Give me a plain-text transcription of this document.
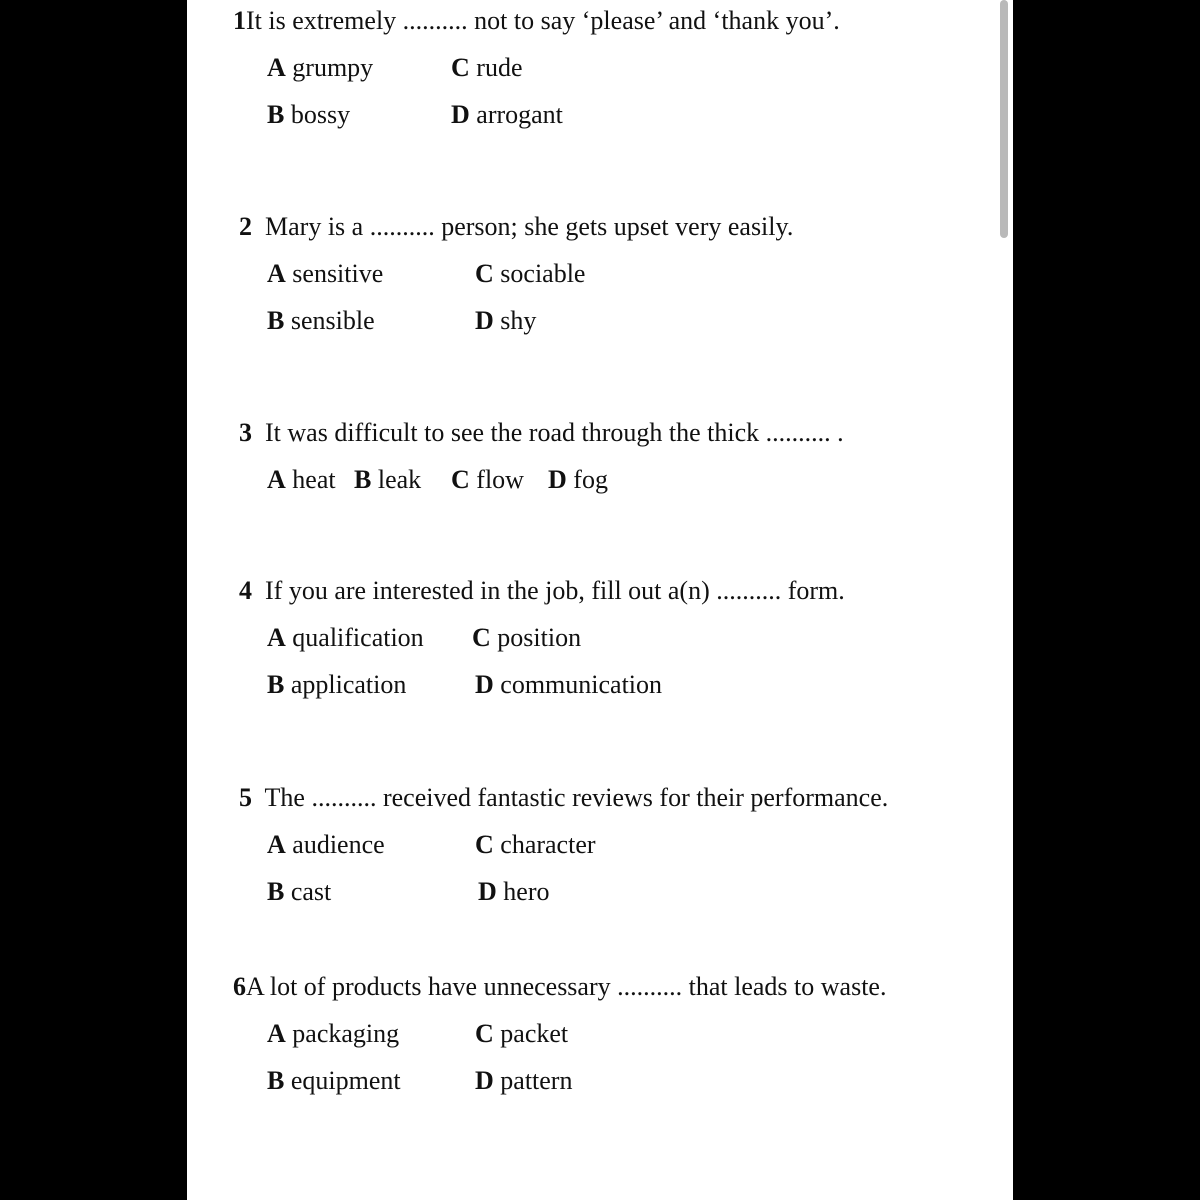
1It is extremely .......... not to say ‘please’ and ‘thank you’.
A grumpy	C rude
B bossy	D arrogant
2 Mary is a .......... person; she gets upset very easily.
A sensitive	C sociable
B sensible	D shy
3 It was difficult to see the road through the thick .......... .
A heat B leak C flow D fog
4 If you are interested in the job, fill out a(n) .......... form.
A qualification C position
B application	D communication
5 The .......... received fantastic reviews for their performance.
A audience	C character
B cast	D hero
6A lot of products have unnecessary .......... that leads to waste.
A packaging	C packet
B equipment	D pattern
